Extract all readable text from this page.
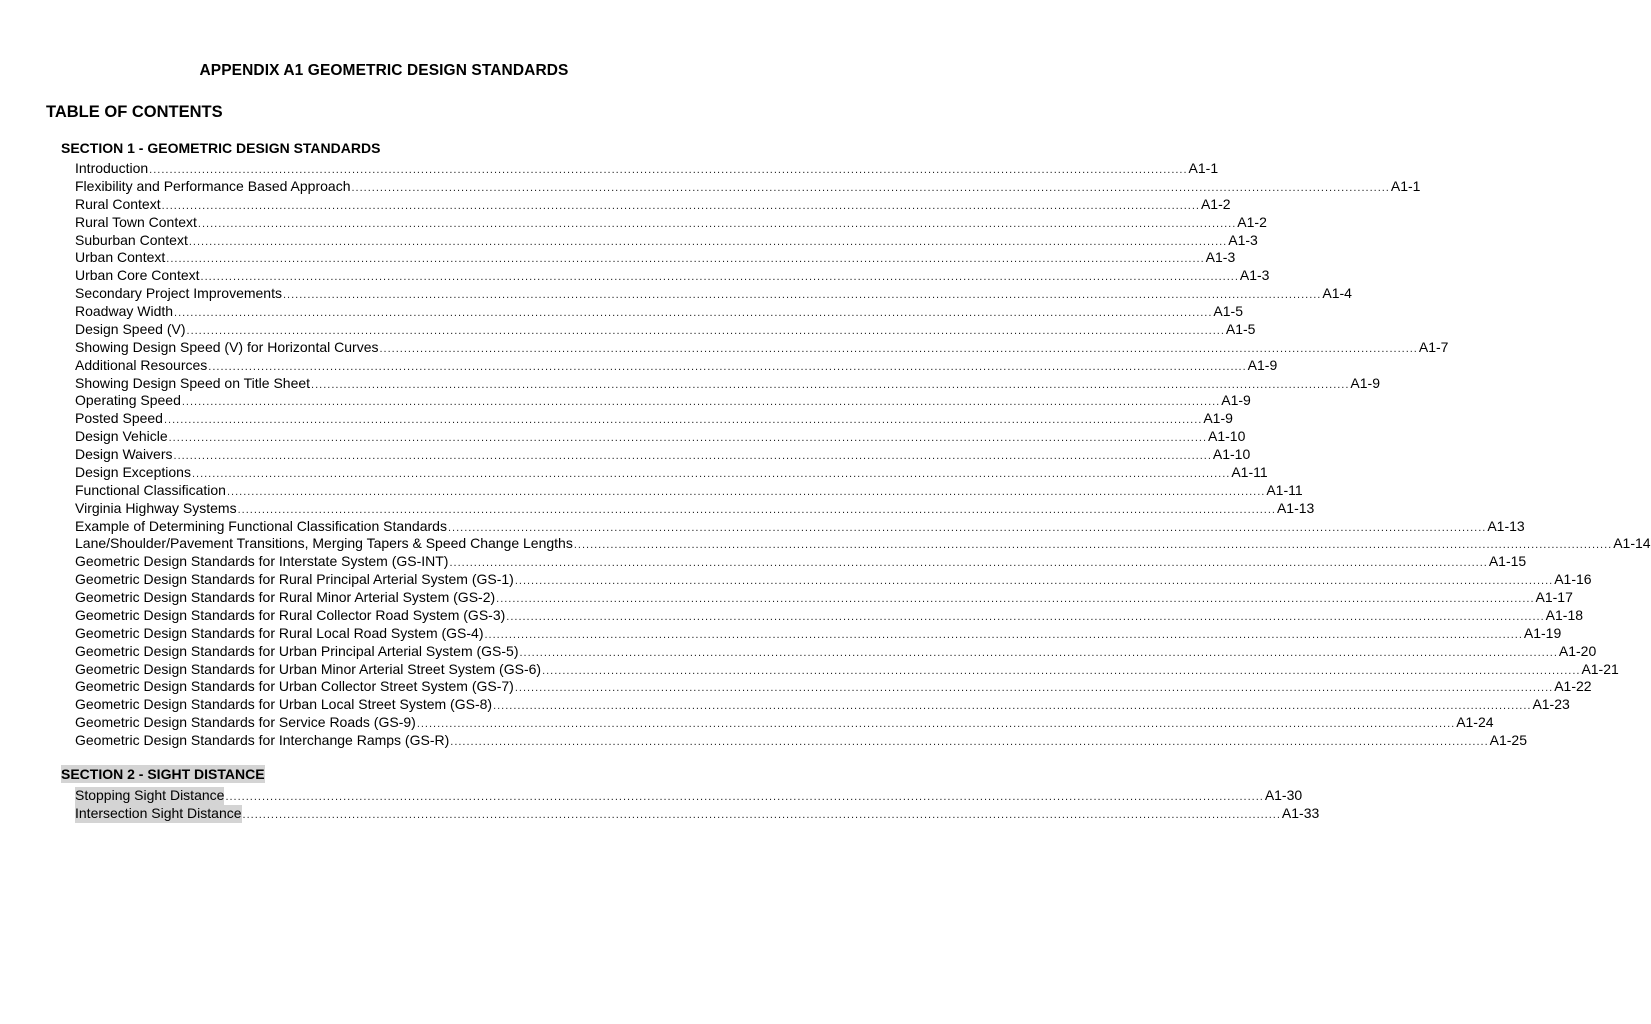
APPENDIX A1 GEOMETRIC DESIGN STANDARDS
TABLE OF CONTENTS
SECTION 1 - GEOMETRIC DESIGN STANDARDS
Introduction ................................................................................................................................................................................................................................................................ A1-1
Flexibility and Performance Based Approach ................................................................................................................................................................................................................................................................ A1-1
Rural Context ................................................................................................................................................................................................................................................................ A1-2
Rural Town Context ................................................................................................................................................................................................................................................................ A1-2
Suburban Context ................................................................................................................................................................................................................................................................ A1-3
Urban Context ................................................................................................................................................................................................................................................................ A1-3
Urban Core Context ................................................................................................................................................................................................................................................................ A1-3
Secondary Project Improvements ................................................................................................................................................................................................................................................................ A1-4
Roadway Width ................................................................................................................................................................................................................................................................ A1-5
Design Speed (V) ................................................................................................................................................................................................................................................................ A1-5
Showing Design Speed (V) for Horizontal Curves ................................................................................................................................................................................................................................................................ A1-7
Additional Resources ................................................................................................................................................................................................................................................................ A1-9
Showing Design Speed on Title Sheet ................................................................................................................................................................................................................................................................ A1-9
Operating Speed ................................................................................................................................................................................................................................................................ A1-9
Posted Speed ................................................................................................................................................................................................................................................................ A1-9
Design Vehicle ................................................................................................................................................................................................................................................................ A1-10
Design Waivers ................................................................................................................................................................................................................................................................ A1-10
Design Exceptions ................................................................................................................................................................................................................................................................ A1-11
Functional Classification ................................................................................................................................................................................................................................................................ A1-11
Virginia Highway Systems ................................................................................................................................................................................................................................................................ A1-13
Example of Determining Functional Classification Standards ................................................................................................................................................................................................................................................................ A1-13
Lane/Shoulder/Pavement Transitions, Merging Tapers & Speed Change Lengths ................................................................................................................................................................................................................................................................ A1-14
Geometric Design Standards for Interstate System (GS-INT) ................................................................................................................................................................................................................................................................ A1-15
Geometric Design Standards for Rural Principal Arterial System (GS-1) ................................................................................................................................................................................................................................................................ A1-16
Geometric Design Standards for Rural Minor Arterial System (GS-2) ................................................................................................................................................................................................................................................................ A1-17
Geometric Design Standards for Rural Collector Road System (GS-3) ................................................................................................................................................................................................................................................................ A1-18
Geometric Design Standards for Rural Local Road System (GS-4) ................................................................................................................................................................................................................................................................ A1-19
Geometric Design Standards for Urban Principal Arterial System (GS-5) ................................................................................................................................................................................................................................................................ A1-20
Geometric Design Standards for Urban Minor Arterial Street System (GS-6) ................................................................................................................................................................................................................................................................ A1-21
Geometric Design Standards for Urban Collector Street System (GS-7) ................................................................................................................................................................................................................................................................ A1-22
Geometric Design Standards for Urban Local Street System (GS-8) ................................................................................................................................................................................................................................................................ A1-23
Geometric Design Standards for Service Roads (GS-9) ................................................................................................................................................................................................................................................................ A1-24
Geometric Design Standards for Interchange Ramps (GS-R) ................................................................................................................................................................................................................................................................ A1-25
SECTION 2 - SIGHT DISTANCE
Stopping Sight Distance ................................................................................................................................................................................................................................................................ A1-30
Intersection Sight Distance ................................................................................................................................................................................................................................................................ A1-33
